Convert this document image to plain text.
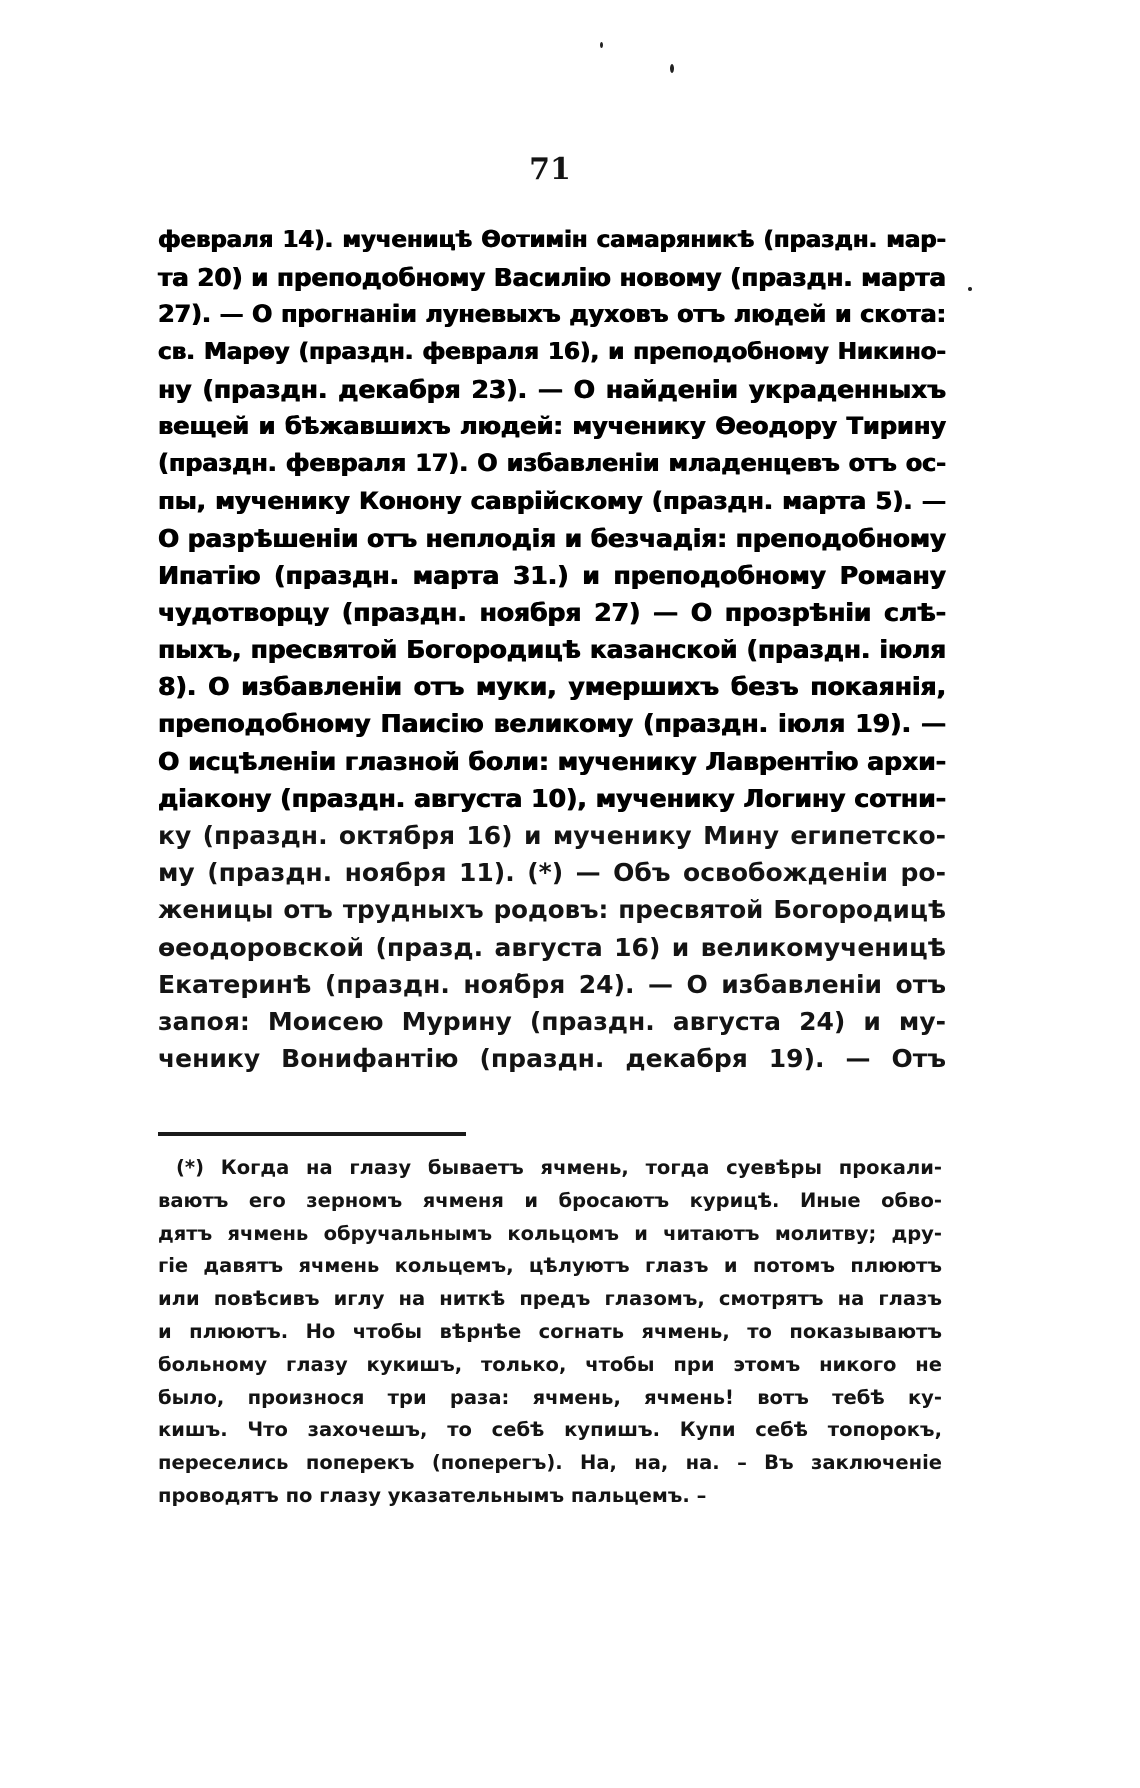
71
февраля 14). мученицѣ Ѳотимін самаряникѣ (праздн. мар-
та 20) и преподобному Василію новому (праздн. марта
27). — О прогнаніи луневыхъ духовъ отъ людей и скота:
св. Марѳу (праздн. февраля 16), и преподобному Никино-
ну (праздн. декабря 23). — О найденіи украденныхъ
вещей и бѣжавшихъ людей: мученику Ѳеодору Тирину
(праздн. февраля 17). О избавленіи младенцевъ отъ ос-
пы, мученику Конону саврійскому (праздн. марта 5). —
О разрѣшеніи отъ неплодія и безчадія: преподобному
Ипатію (праздн. марта 31.) и преподобному Роману
чудотворцу (праздн. ноября 27) — О прозрѣніи слѣ-
пыхъ, пресвятой Богородицѣ казанской (праздн. іюля
8). О избавленіи отъ муки, умершихъ безъ покаянія,
преподобному Паисію великому (праздн. іюля 19). —
О исцѣленіи глазной боли: мученику Лаврентію архи-
діакону (праздн. августа 10), мученику Логину сотни-
ку (праздн. октября 16) и мученику Мину египетско-
му (праздн. ноября 11). (*) — Объ освобожденіи ро-
женицы отъ трудныхъ родовъ: пресвятой Богородицѣ
ѳеодоровской (празд. августа 16) и великомученицѣ
Екатеринѣ (праздн. ноября 24). — О избавленіи отъ
запоя: Моисею Мурину (праздн. августа 24) и му-
ченику Вонифантію (праздн. декабря 19). — Отъ
(*) Когда на глазу бываетъ ячмень, тогда суевѣры прокали-
ваютъ его зерномъ ячменя и бросаютъ курицѣ. Иные обво-
дятъ ячмень обручальнымъ кольцомъ и читаютъ молитву; дру-
гіе давятъ ячмень кольцемъ, цѣлуютъ глазъ и потомъ плюютъ
или повѣсивъ иглу на ниткѣ предъ глазомъ, смотрятъ на глазъ
и плюютъ. Но чтобы вѣрнѣе согнать ячмень, то показываютъ
больному глазу кукишъ, только, чтобы при этомъ никого не
было, произнося три раза: ячмень, ячмень! вотъ тебѣ ку-
кишъ. Что захочешъ, то себѣ купишъ. Купи себѣ топорокъ,
переселись поперекъ (поперегъ). На, на, на. – Въ заключеніе
проводятъ по глазу указательнымъ пальцемъ. –
